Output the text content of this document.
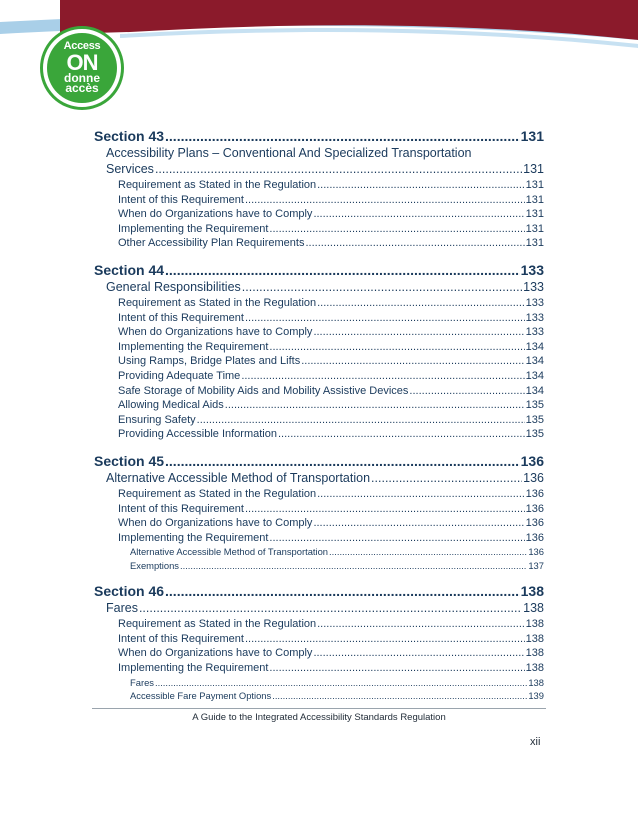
Access
ON
donne
accès
Section 43 .....	131
Accessibility Plans – Conventional And Specialized Transportation
Services .....	131
Requirement as Stated in the Regulation .....	131
Intent of this Requirement .....	131
When do Organizations have to Comply .....	131
Implementing the Requirement .....	131
Other Accessibility Plan Requirements .....	131
Section 44 .....	133
General Responsibilities .....	133
Requirement as Stated in the Regulation .....	133
Intent of this Requirement .....	133
When do Organizations have to Comply .....	133
Implementing the Requirement .....	134
Using Ramps, Bridge Plates and Lifts .....	134
Providing Adequate Time .....	134
Safe Storage of Mobility Aids and Mobility Assistive Devices .....	134
Allowing Medical Aids .....	135
Ensuring Safety .....	135
Providing Accessible Information .....	135
Section 45 .....	136
Alternative Accessible Method of Transportation .....	136
Requirement as Stated in the Regulation .....	136
Intent of this Requirement .....	136
When do Organizations have to Comply .....	136
Implementing the Requirement .....	136
Alternative Accessible Method of Transportation .....	136
Exemptions .....	137
Section 46 .....	138
Fares .....	138
Requirement as Stated in the Regulation .....	138
Intent of this Requirement .....	138
When do Organizations have to Comply .....	138
Implementing the Requirement .....	138
Fares .....	138
Accessible Fare Payment Options .....	139
A Guide to the Integrated Accessibility Standards Regulation
xii
